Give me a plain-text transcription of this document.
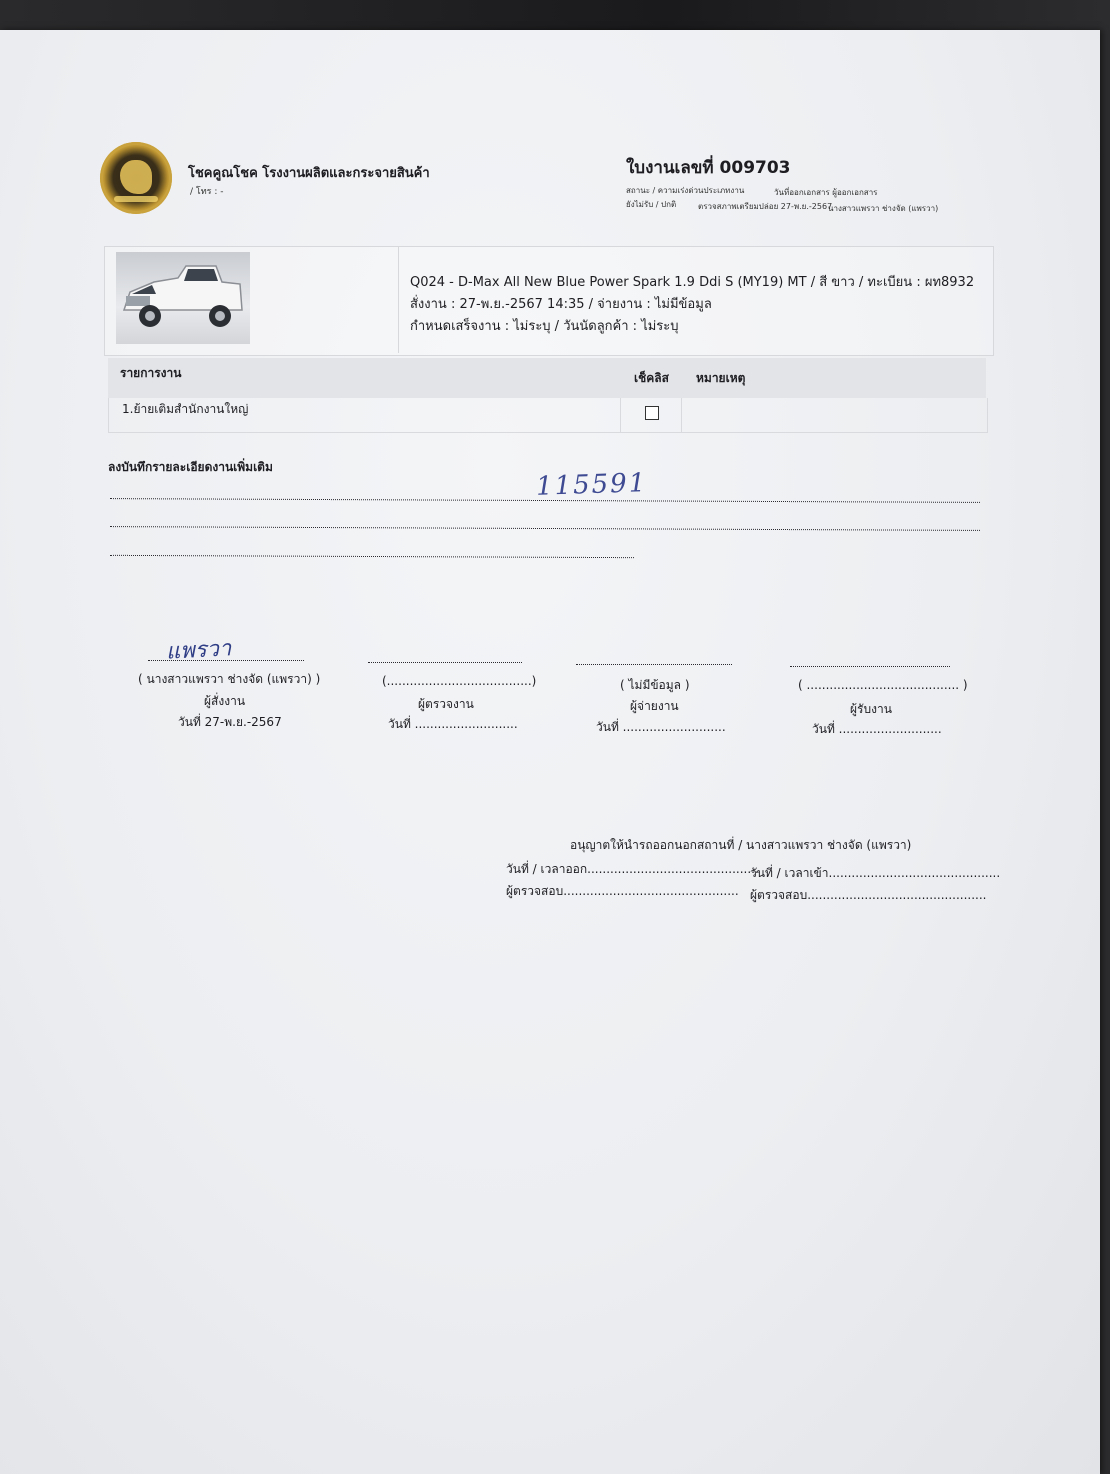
โชคคูณโชค โรงงานผลิตและกระจายสินค้า
/ โทร : -
ใบงานเลขที่ 009703
สถานะ / ความเร่งด่วนประเภทงาน	วันที่ออกเอกสาร ผู้ออกเอกสาร
ยังไม่รับ / ปกติ	ตรวจสภาพเตรียมปล่อย 27-พ.ย.-2567
นางสาวแพรวา ช่างจัด (แพรวา)
Q024 - D-Max All New Blue Power Spark 1.9 Ddi S (MY19) MT / สี ขาว / ทะเบียน : ผท8932
สั่งงาน : 27-พ.ย.-2567 14:35 / จ่ายงาน : ไม่มีข้อมูล
กำหนดเสร็จงาน : ไม่ระบุ / วันนัดลูกค้า : ไม่ระบุ
รายการงาน	เช็คลิส หมายเหตุ
1.ย้ายเติมสำนักงานใหญ่
ลงบันทึกรายละเอียดงานเพิ่มเติม
115591
แพรวา
( นางสาวแพรวา ช่างจัด (แพรวา) )
ผู้สั่งงาน
วันที่ 27-พ.ย.-2567
(......................................)
ผู้ตรวจงาน
วันที่ ...........................
( ไม่มีข้อมูล )
ผู้จ่ายงาน
วันที่ ...........................
( ........................................ )
ผู้รับงาน
วันที่ ...........................
อนุญาตให้นำรถออกนอกสถานที่ / นางสาวแพรวา ช่างจัด (แพรวา)
วันที่ / เวลาออก.............................................
วันที่ / เวลาเข้า.............................................
ผู้ตรวจสอบ.............................................. ผู้ตรวจสอบ...............................................
